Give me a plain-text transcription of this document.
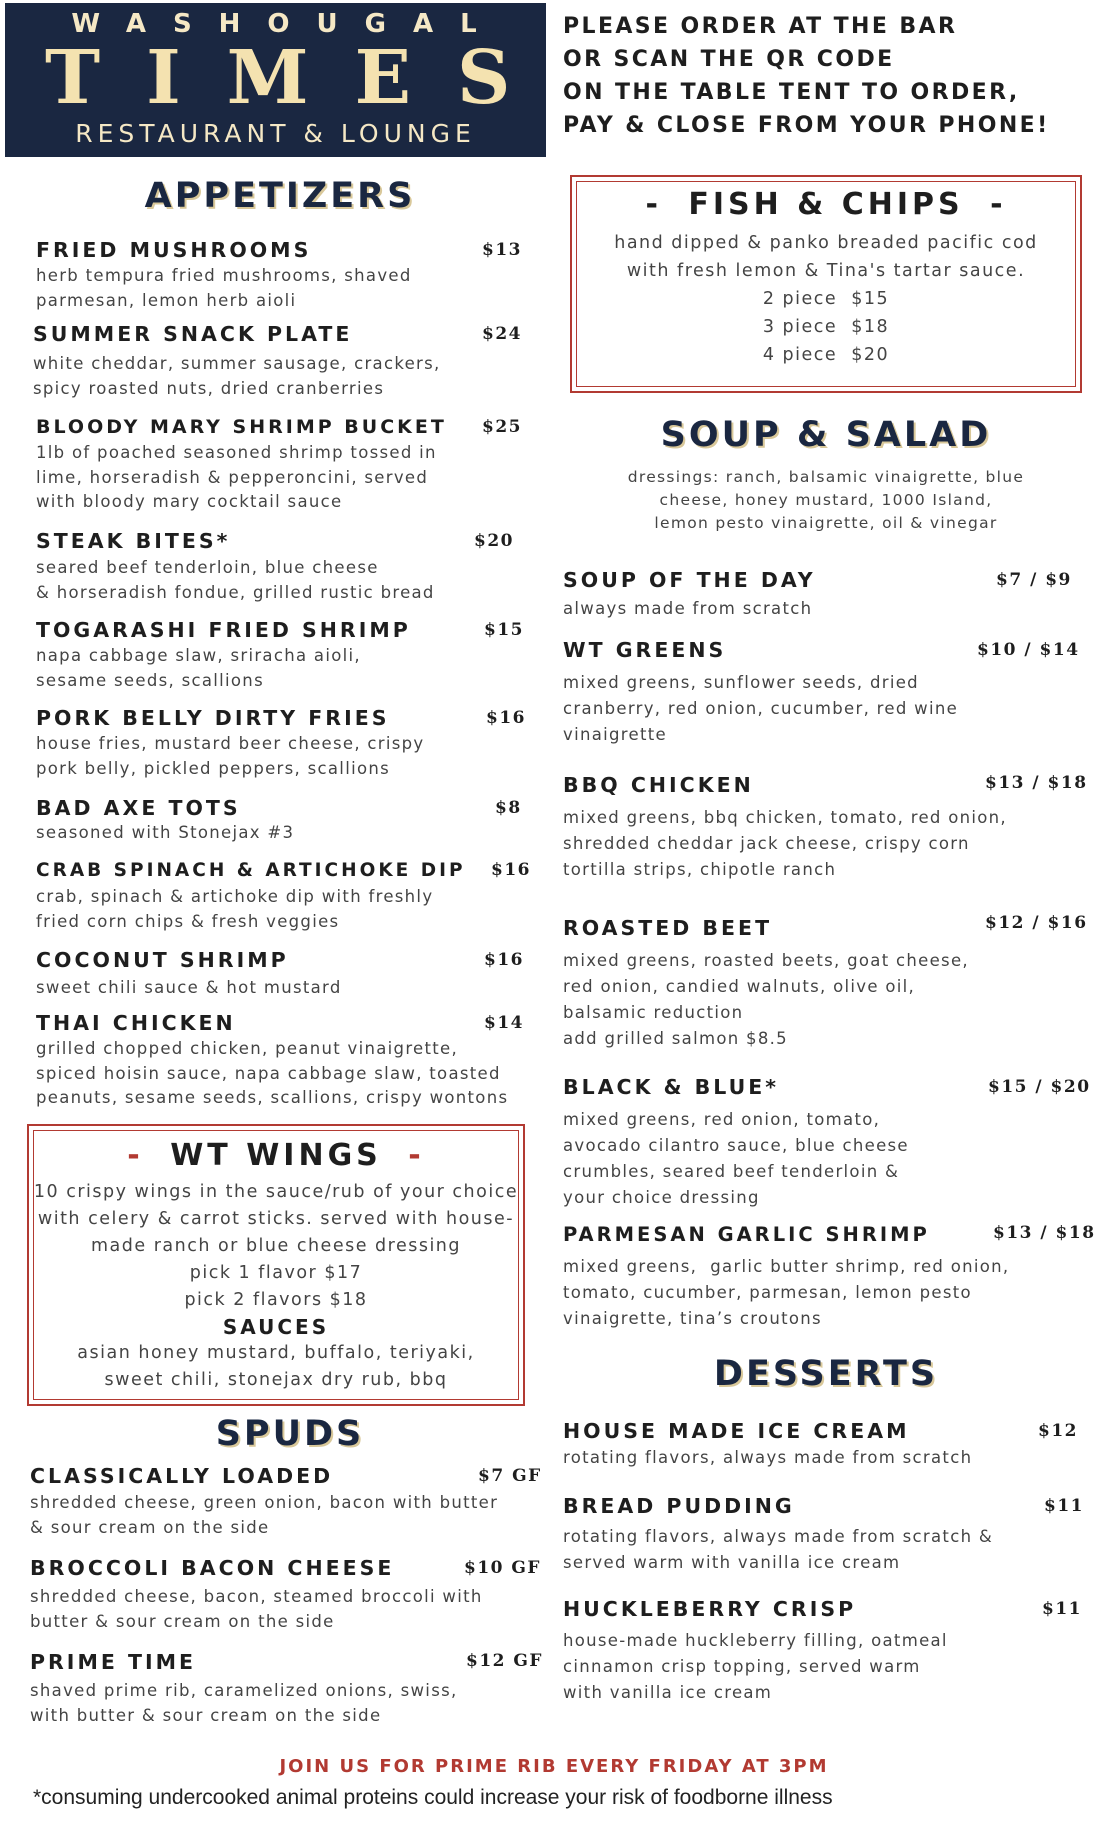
WASHOUGAL
TIMES
RESTAURANT & LOUNGE
PLEASE ORDER AT THE BAR
OR SCAN THE QR CODE
ON THE TABLE TENT TO ORDER,
PAY & CLOSE FROM YOUR PHONE!
APPETIZERS
FRIED MUSHROOMS	$13
herb tempura fried mushrooms, shaved
parmesan, lemon herb aioli
SUMMER SNACK PLATE	$24
white cheddar, summer sausage, crackers,
spicy roasted nuts, dried cranberries
BLOODY MARY SHRIMP BUCKET	$25
1lb of poached seasoned shrimp tossed in
lime, horseradish & pepperoncini, served
with bloody mary cocktail sauce
STEAK BITES*	$20
seared beef tenderloin, blue cheese
& horseradish fondue, grilled rustic bread
TOGARASHI FRIED SHRIMP	$15
napa cabbage slaw, sriracha aioli,
sesame seeds, scallions
PORK BELLY DIRTY FRIES	$16
house fries, mustard beer cheese, crispy
pork belly, pickled peppers, scallions
BAD AXE TOTS	$8
seasoned with Stonejax #3
CRAB SPINACH & ARTICHOKE DIP	$16
crab, spinach & artichoke dip with freshly
fried corn chips & fresh veggies
COCONUT SHRIMP	$16
sweet chili sauce & hot mustard
THAI CHICKEN	$14
grilled chopped chicken, peanut vinaigrette,
spiced hoisin sauce, napa cabbage slaw, toasted
peanuts, sesame seeds, scallions, crispy wontons
- WT WINGS -
10 crispy wings in the sauce/rub of your choice
with celery & carrot sticks. served with house-
made ranch or blue cheese dressing
pick 1 flavor $17
pick 2 flavors $18
SAUCES
asian honey mustard, buffalo, teriyaki,
sweet chili, stonejax dry rub, bbq
SPUDS
CLASSICALLY LOADED	$7 GF
shredded cheese, green onion, bacon with butter
& sour cream on the side
BROCCOLI BACON CHEESE	$10 GF
shredded cheese, bacon, steamed broccoli with
butter & sour cream on the side
PRIME TIME	$12 GF
shaved prime rib, caramelized onions, swiss,
with butter & sour cream on the side
- FISH & CHIPS -
hand dipped & panko breaded pacific cod
with fresh lemon & Tina's tartar sauce.
2 piece  $15
3 piece  $18
4 piece  $20
SOUP & SALAD
dressings: ranch, balsamic vinaigrette, blue
cheese, honey mustard, 1000 Island,
lemon pesto vinaigrette, oil & vinegar
SOUP OF THE DAY	$7 / $9
always made from scratch
WT GREENS	$10 / $14
mixed greens, sunflower seeds, dried
cranberry, red onion, cucumber, red wine
vinaigrette
BBQ CHICKEN	$13 / $18
mixed greens, bbq chicken, tomato, red onion,
shredded cheddar jack cheese, crispy corn
tortilla strips, chipotle ranch
ROASTED BEET	$12 / $16
mixed greens, roasted beets, goat cheese,
red onion, candied walnuts, olive oil,
balsamic reduction
add grilled salmon $8.5
BLACK & BLUE*	$15 / $20
mixed greens, red onion, tomato,
avocado cilantro sauce, blue cheese
crumbles, seared beef tenderloin &
your choice dressing
PARMESAN GARLIC SHRIMP	$13 / $18
mixed greens,  garlic butter shrimp, red onion,
tomato, cucumber, parmesan, lemon pesto
vinaigrette, tina’s croutons
DESSERTS
HOUSE MADE ICE CREAM	$12
rotating flavors, always made from scratch
BREAD PUDDING	$11
rotating flavors, always made from scratch &
served warm with vanilla ice cream
HUCKLEBERRY CRISP	$11
house-made huckleberry filling, oatmeal
cinnamon crisp topping, served warm
with vanilla ice cream
JOIN US FOR PRIME RIB EVERY FRIDAY AT 3PM
*consuming undercooked animal proteins could increase your risk of foodborne illness
